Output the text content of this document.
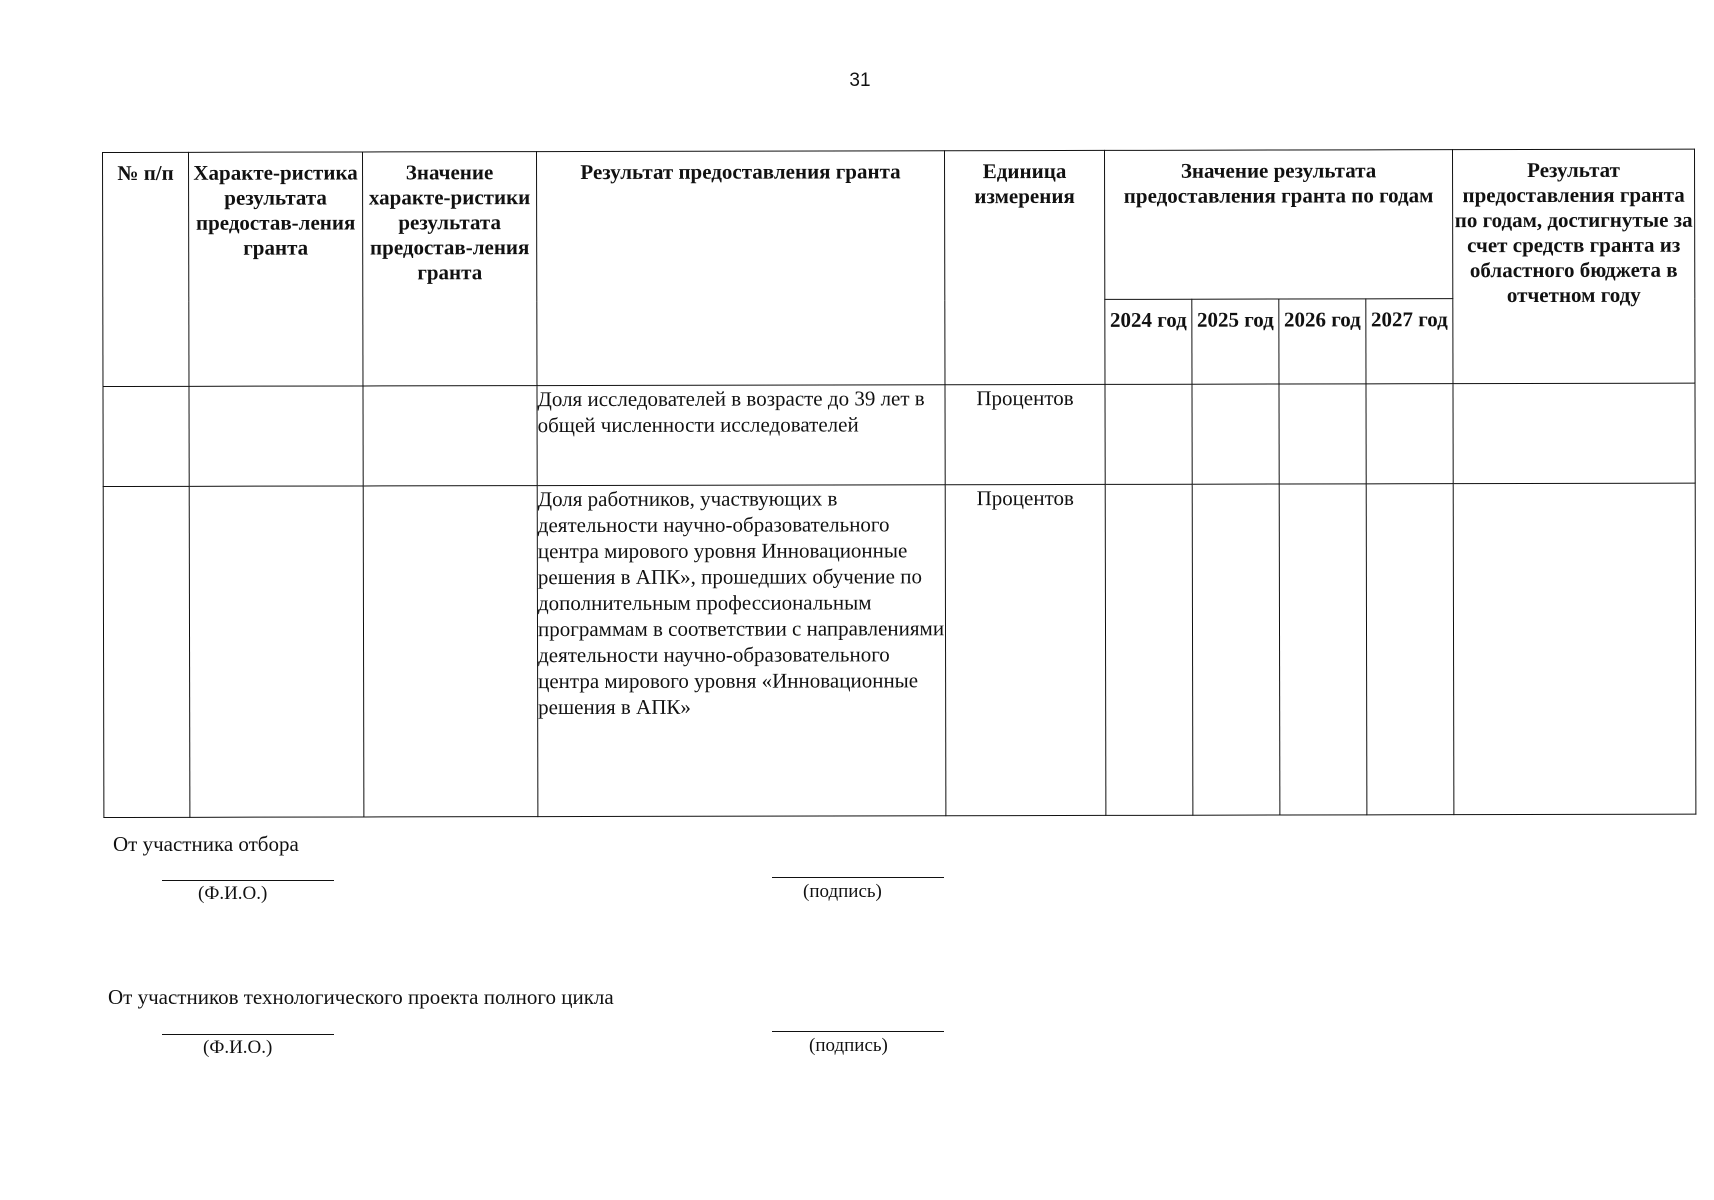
31
№ п/п	Характе-ристика результата предостав-ления гранта	Значение характе-ристики результата предостав-ления гранта	Результат предоставления гранта	Единица измерения	Значение результата предоставления гранта по годам				Результат предоставления гранта по годам, достигнутые за счет средств гранта из областного бюджета в отчетном году
					2024 год	2025 год	2026 год	2027 год	
			Доля исследователей в возрасте до 39 лет в общей численности исследователей	Процентов					
			Доля работников, участвующих в деятельности научно-образовательного центра мирового уровня Инновационные решения в АПК», прошедших обучение по дополнительным профессиональным программам в соответствии с направлениями деятельности научно-образовательного центра мирового уровня «Инновационные решения в АПК»	Процентов					
От участника отбора
(Ф.И.О.)	(подпись)
От участников технологического проекта полного цикла
(Ф.И.О.)	(подпись)
